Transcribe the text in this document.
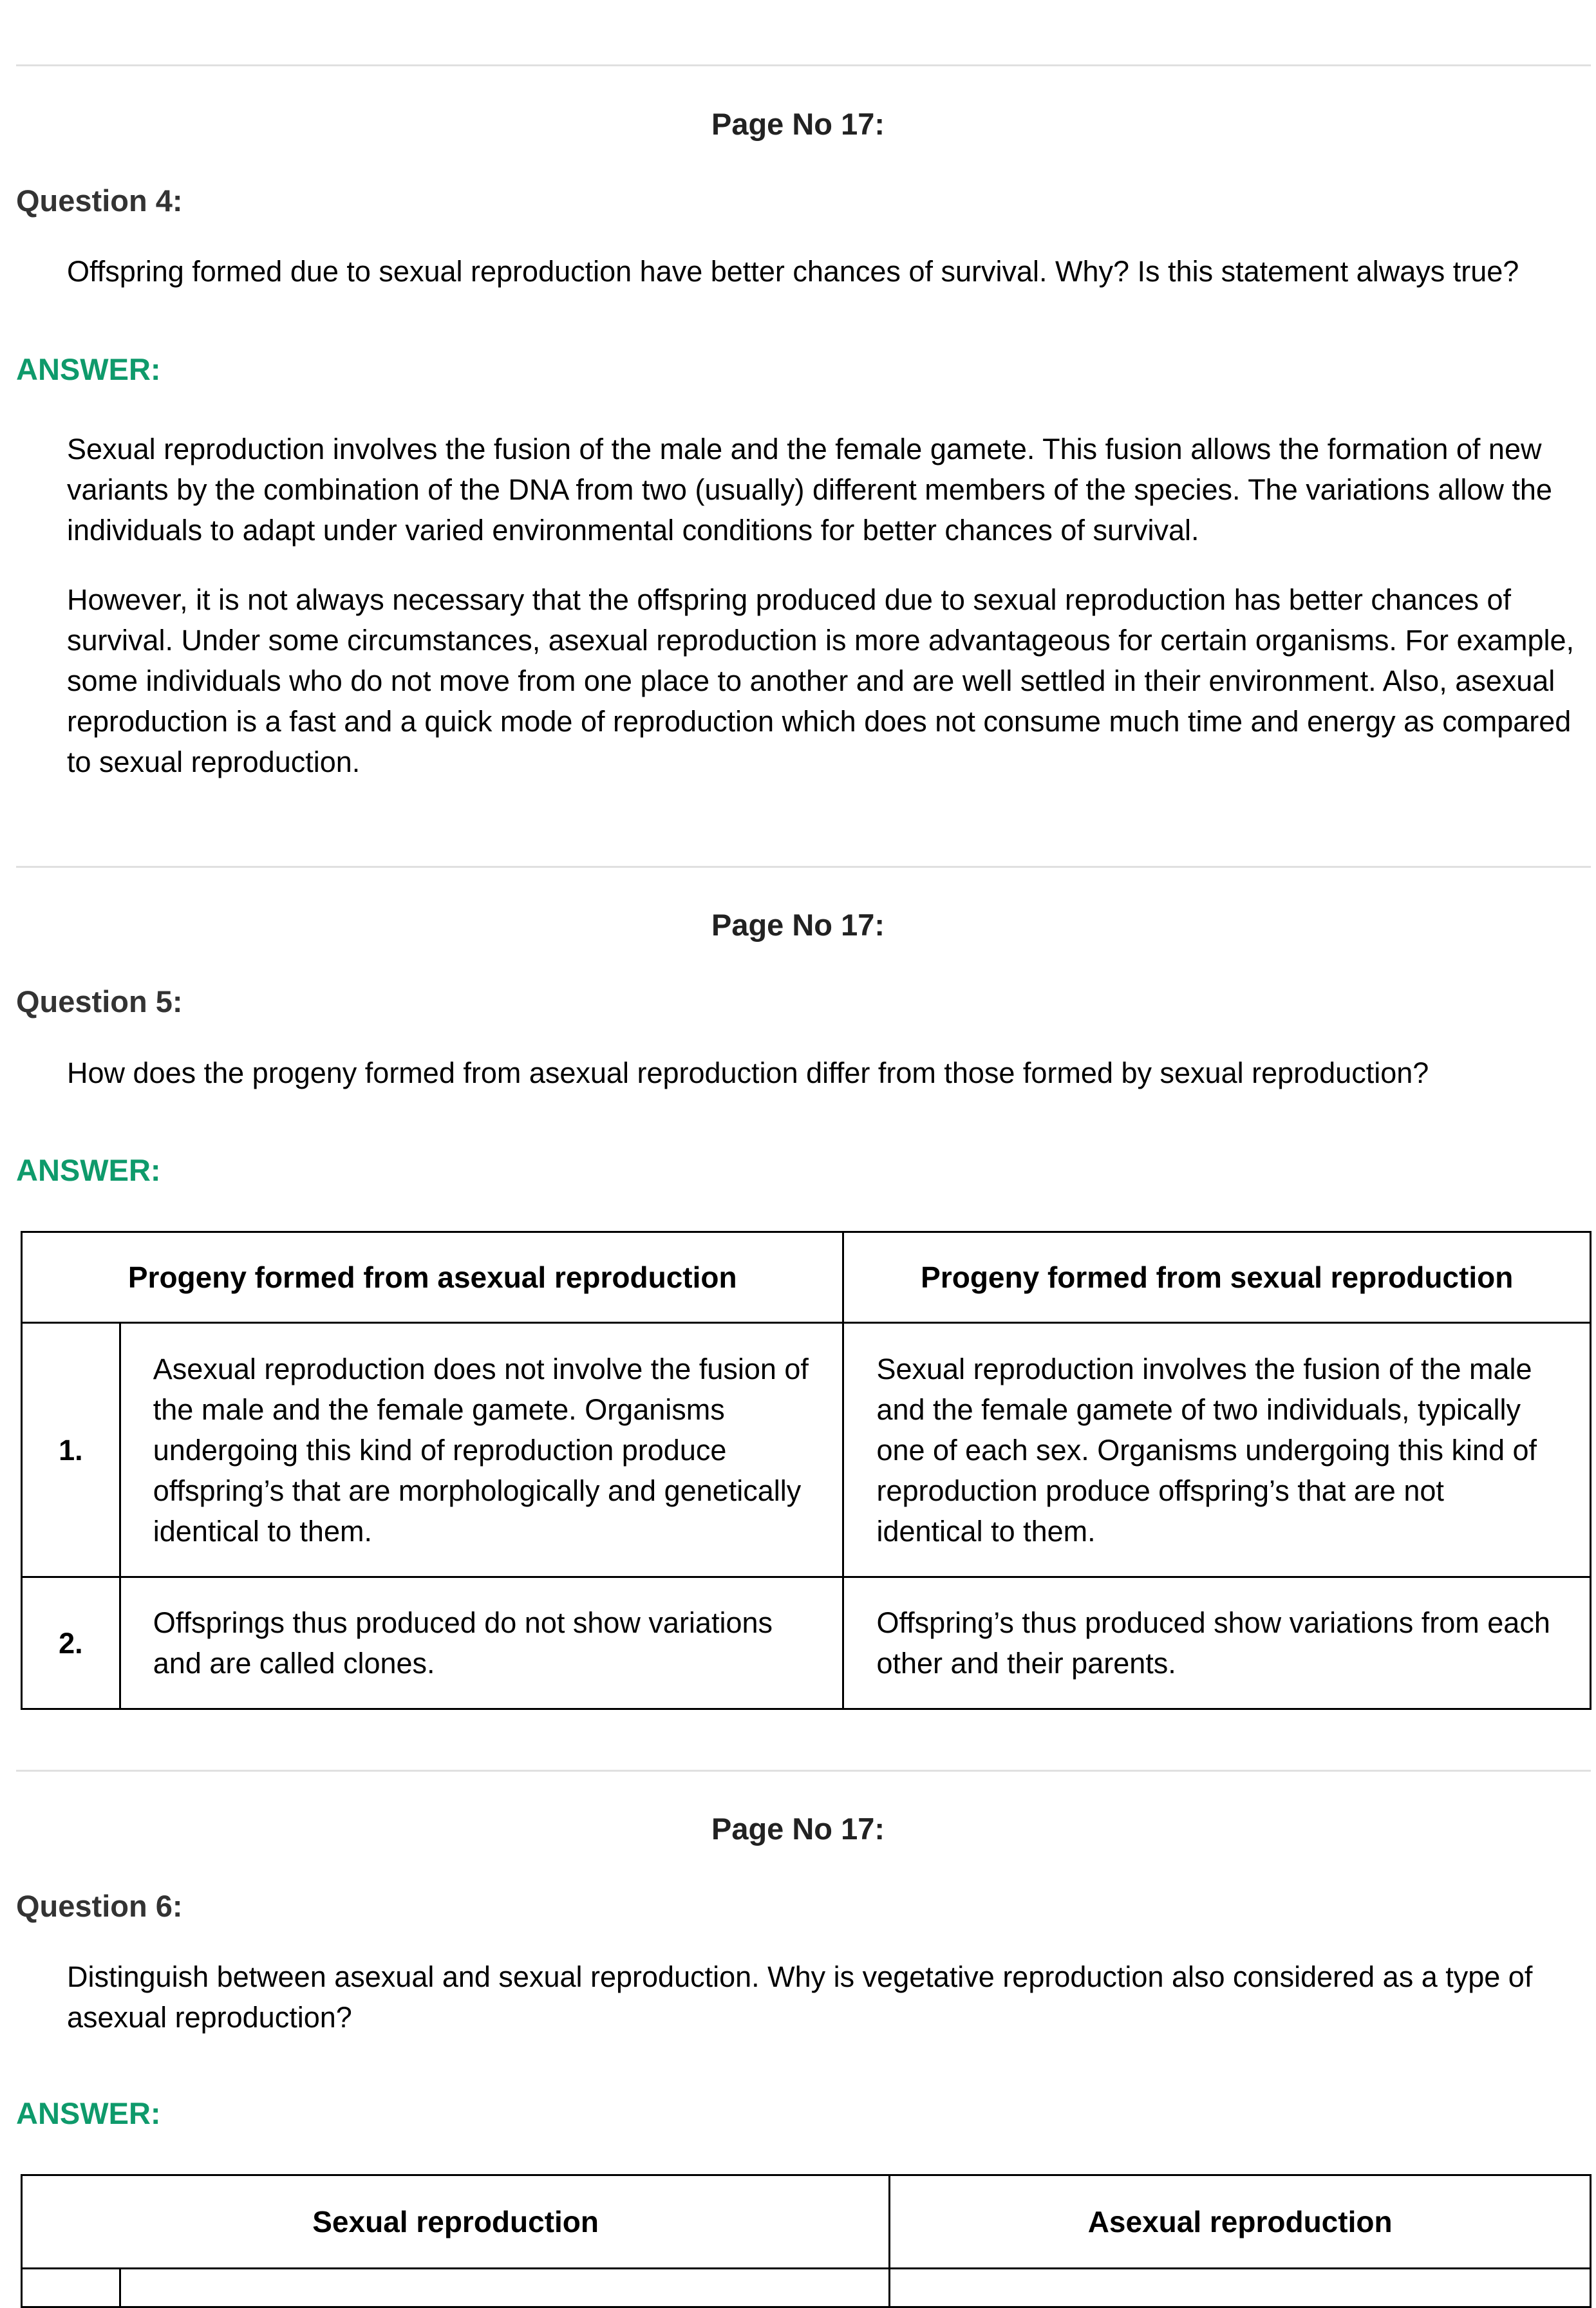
Page No 17:
Question 4:
Offspring formed due to sexual reproduction have better chances of survival. Why? Is this statement always true?
ANSWER:
Sexual reproduction involves the fusion of the male and the female gamete. This fusion allows the formation of new variants by the combination of the DNA from two (usually) different members of the species. The variations allow the individuals to adapt under varied environmental conditions for better chances of survival.
However, it is not always necessary that the offspring produced due to sexual reproduction has better chances of survival. Under some circumstances, asexual reproduction is more advantageous for certain organisms. For example, some individuals who do not move from one place to another and are well settled in their environment. Also, asexual reproduction is a fast and a quick mode of reproduction which does not consume much time and energy as compared to sexual reproduction.
Page No 17:
Question 5:
How does the progeny formed from asexual reproduction differ from those formed by sexual reproduction?
ANSWER:
Progeny formed from asexual reproduction		Progeny formed from sexual reproduction
1.	Asexual reproduction does not involve the fusion of the male and the female gamete. Organisms undergoing this kind of reproduction produce offspring’s that are morphologically and genetically identical to them.	Sexual reproduction involves the fusion of the male and the female gamete of two individuals, typically one of each sex. Organisms undergoing this kind of reproduction produce offspring’s that are not identical to them.
2.	Offsprings thus produced do not show variations and are called clones.	Offspring’s thus produced show variations from each other and their parents.
Page No 17:
Question 6:
Distinguish between asexual and sexual reproduction. Why is vegetative reproduction also considered as a type of asexual reproduction?
ANSWER:
Sexual reproduction		Asexual reproduction
